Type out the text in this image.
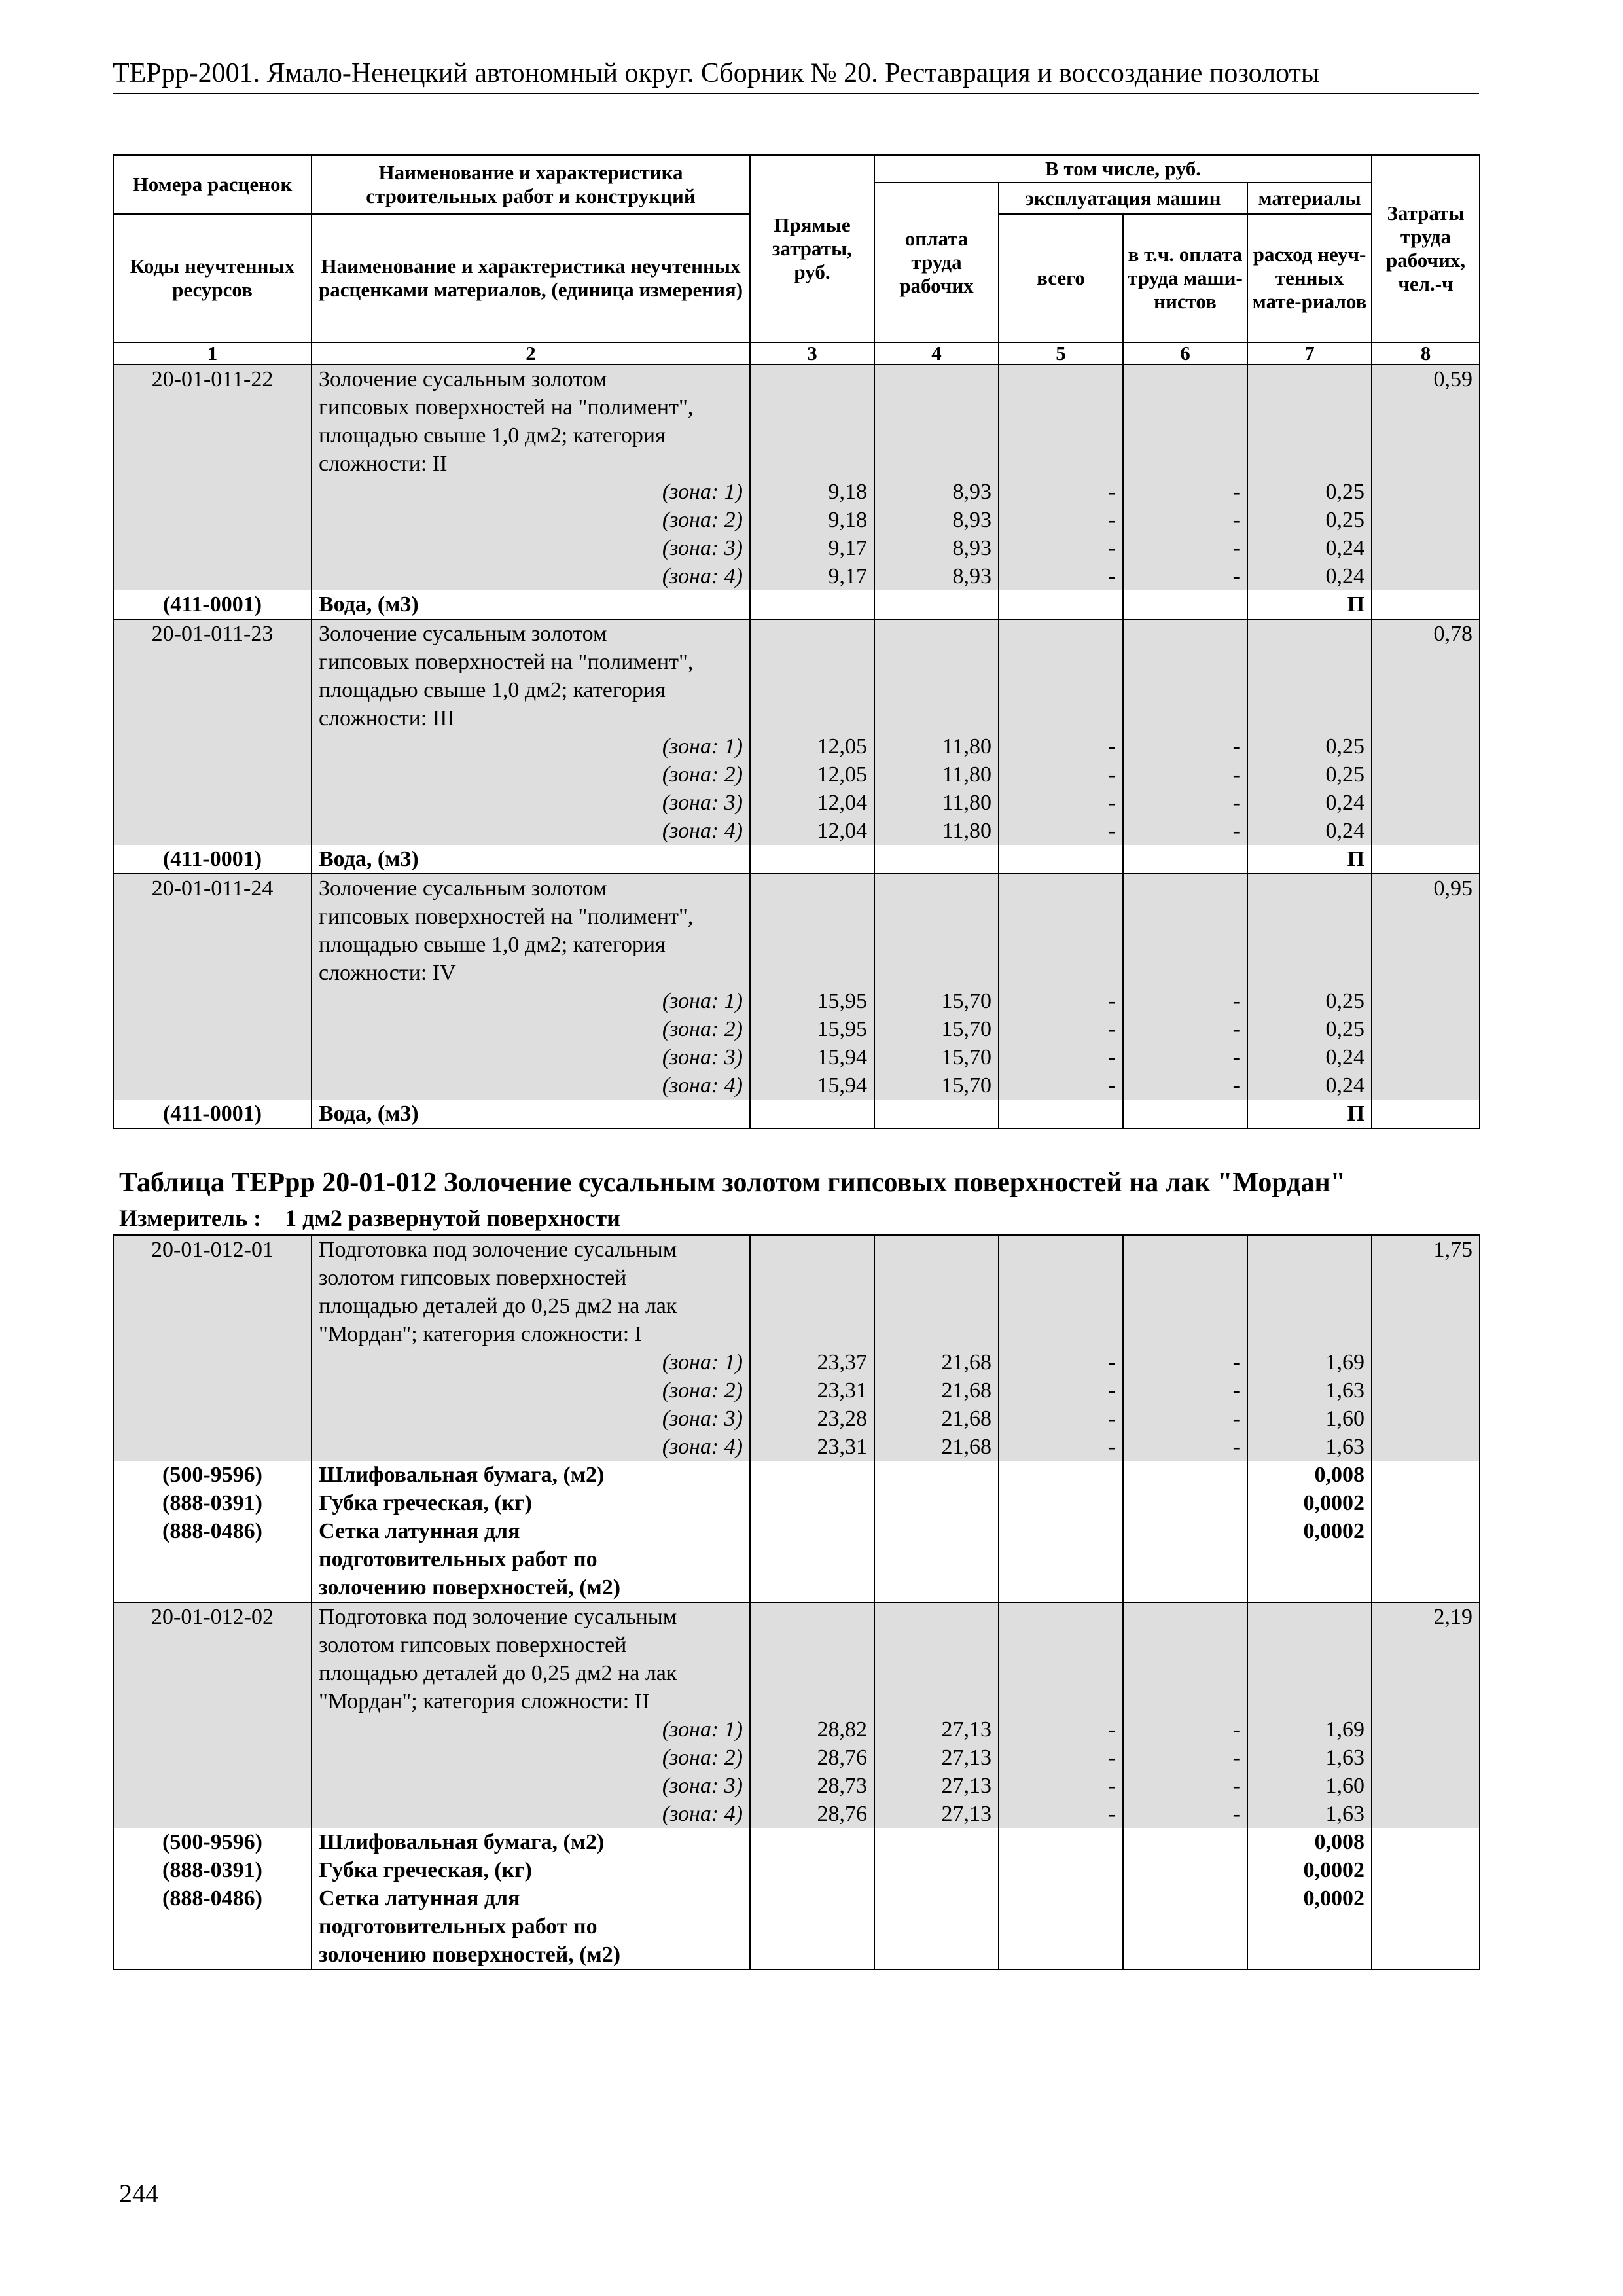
ТЕРрр-2001. Ямало-Ненецкий автономный округ. Сборник № 20. Реставрация и воссоздание позолоты
Номера расценок	Наименование и характеристика строительных работ и конструкций	Прямые затраты, руб.	В том числе, руб.				Затраты труда рабочих, чел.-ч
			оплата труда рабочих	эксплуатация машин		материалы	
Коды неучтенных ресурсов	Наименование и характеристика неучтенных расценками материалов, (единица измерения)			всего	в т.ч. оплата труда маши-нистов	расход неуч-тенных мате-риалов	

1	2	3	4	5	6	7	8
20-01-011-22	Золочение сусальным золотом						0,59
	гипсовых поверхностей на "полимент",						
	площадью свыше 1,0 дм2; категория						
	сложности: II						
	(зона: 1)	9,18	8,93	-	-	0,25	
	(зона: 2)	9,18	8,93	-	-	0,25	
	(зона: 3)	9,17	8,93	-	-	0,24	
	(зона: 4)	9,17	8,93	-	-	0,24	
(411-0001)	Вода, (м3)					П	
20-01-011-23	Золочение сусальным золотом						0,78
	гипсовых поверхностей на "полимент",						
	площадью свыше 1,0 дм2; категория						
	сложности: III						
	(зона: 1)	12,05	11,80	-	-	0,25	
	(зона: 2)	12,05	11,80	-	-	0,25	
	(зона: 3)	12,04	11,80	-	-	0,24	
	(зона: 4)	12,04	11,80	-	-	0,24	
(411-0001)	Вода, (м3)					П	
20-01-011-24	Золочение сусальным золотом						0,95
	гипсовых поверхностей на "полимент",						
	площадью свыше 1,0 дм2; категория						
	сложности: IV						
	(зона: 1)	15,95	15,70	-	-	0,25	
	(зона: 2)	15,95	15,70	-	-	0,25	
	(зона: 3)	15,94	15,70	-	-	0,24	
	(зона: 4)	15,94	15,70	-	-	0,24	
(411-0001)	Вода, (м3)					П	
Таблица ТЕРрр 20-01-012 Золочение сусальным золотом гипсовых поверхностей на лак "Мордан"
Измеритель : 1 дм2 развернутой поверхности
20-01-012-01	Подготовка под золочение сусальным						1,75
	золотом гипсовых поверхностей						
	площадью деталей до 0,25 дм2 на лак						
	"Мордан"; категория сложности: I						
	(зона: 1)	23,37	21,68	-	-	1,69	
	(зона: 2)	23,31	21,68	-	-	1,63	
	(зона: 3)	23,28	21,68	-	-	1,60	
	(зона: 4)	23,31	21,68	-	-	1,63	
(500-9596)	Шлифовальная бумага, (м2)					0,008	
(888-0391)	Губка греческая, (кг)					0,0002	
(888-0486)	Сетка латунная для					0,0002	
	подготовительных работ по						
	золочению поверхностей, (м2)						
20-01-012-02	Подготовка под золочение сусальным						2,19
	золотом гипсовых поверхностей						
	площадью деталей до 0,25 дм2 на лак						
	"Мордан"; категория сложности: II						
	(зона: 1)	28,82	27,13	-	-	1,69	
	(зона: 2)	28,76	27,13	-	-	1,63	
	(зона: 3)	28,73	27,13	-	-	1,60	
	(зона: 4)	28,76	27,13	-	-	1,63	
(500-9596)	Шлифовальная бумага, (м2)					0,008	
(888-0391)	Губка греческая, (кг)					0,0002	
(888-0486)	Сетка латунная для					0,0002	
	подготовительных работ по						
	золочению поверхностей, (м2)						
244
